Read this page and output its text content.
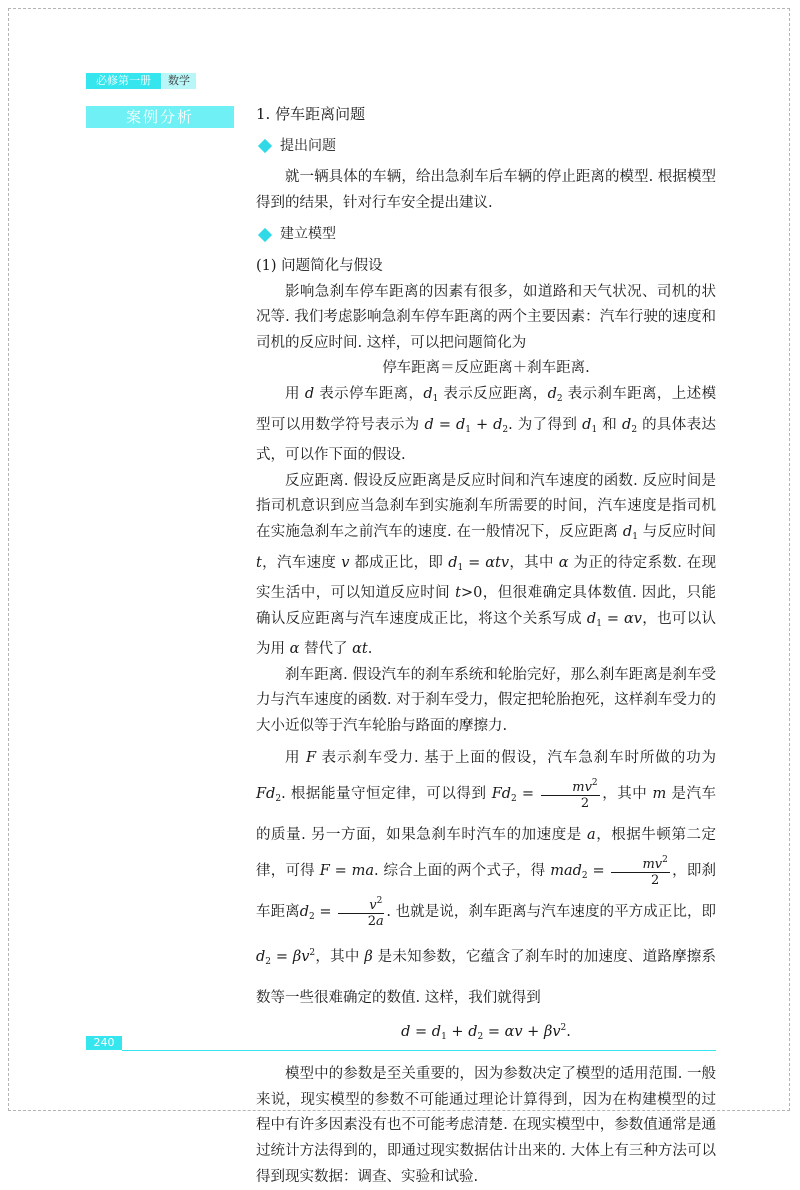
必修第一册	数学
案例分析	1. 停车距离问题

提出问题

就一辆具体的车辆，给出急刹车后车辆的停止距离的模型. 根据模型得到的结果，针对行车安全提出建议.

建立模型

(1) 问题简化与假设

影响急刹车停车距离的因素有很多，如道路和天气状况、司机的状况等. 我们考虑影响急刹车停车距离的两个主要因素：汽车行驶的速度和司机的反应时间. 这样，可以把问题简化为

停车距离＝反应距离＋刹车距离.

用 d 表示停车距离，$d_1$ 表示反应距离，$d_2$ 表示刹车距离，上述模型可以用数学符号表示为 $d = d_1 + d_2$. 为了得到 $d_1$ 和 $d_2$ 的具体表达式，可以作下面的假设.

反应距离. 假设反应距离是反应时间和汽车速度的函数. 反应时间是指司机意识到应当急刹车到实施刹车所需要的时间，汽车速度是指司机在实施急刹车之前汽车的速度. 在一般情况下，反应距离 $d_1$ 与反应时间 t，汽车速度 v 都成正比，即 $d_1 = \alpha tv$，其中 α 为正的待定系数. 在现实生活中，可以知道反应时间 t>0，但很难确定具体数值. 因此，只能确认反应距离与汽车速度成正比，将这个关系写成 $d_1 = \alpha v$，也可以认为用 α 替代了 αt.

刹车距离. 假设汽车的刹车系统和轮胎完好，那么刹车距离是刹车受力与汽车速度的函数. 对于刹车受力，假定把轮胎抱死，这样刹车受力的大小近似等于汽车轮胎与路面的摩擦力.

用 F 表示刹车受力. 基于上面的假设，汽车急刹车时所做的功为 $Fd_2$. 根据能量守恒定律，可以得到 $Fd_2 = \frac{mv^2}{2}$ ，其中 m 是汽车的质量. 另一方面，如果急刹车时汽车的加速度是 a，根据牛顿第二定律，可得 F = ma. 综合上面的两个式子，得 $mad_2 = \frac{mv^2}{2}$ ，即刹车距离$d_2 = \frac{v^2}{2a}$ . 也就是说，刹车距离与汽车速度的平方成正比，即$d_2 = \beta v^2$，其中 β 是未知参数，它蕴含了刹车时的加速度、道路摩擦系数等一些很难确定的数值. 这样，我们就得到

$d = d_1 + d_2 = \alpha v + \beta v^2$.

模型中的参数是至关重要的，因为参数决定了模型的适用范围. 一般来说，现实模型的参数不可能通过理论计算得到，因为在构建模型的过程中有许多因素没有也不可能考虑清楚. 在现实模型中，参数值通常是通过统计方法得到的，即通过现实数据估计出来的. 大体上有三种方法可以得到现实数据：调查、实验和试验.

240
